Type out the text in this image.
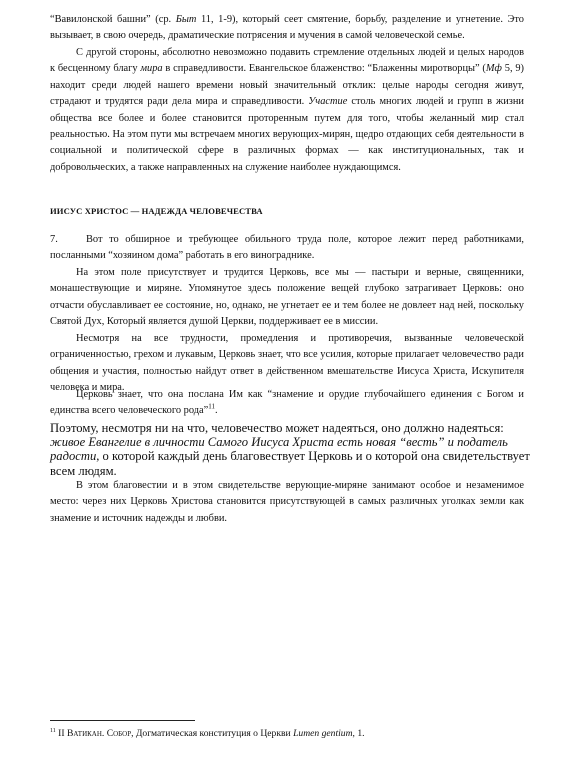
“Вавилонской башни” (ср. Быт 11, 1-9), который сеет смятение, борьбу, разделение и угнетение. Это вызывает, в свою очередь, драматические потрясения и мучения в самой человеческой семье.

С другой стороны, абсолютно невозможно подавить стремление отдельных людей и целых народов к бесценному благу мира в справедливости. Евангельское блаженство: “Блаженны миротворцы” (Мф 5, 9) находит среди людей нашего времени новый значительный отклик: целые народы сегодня живут, страдают и трудятся ради дела мира и справедливости. Участие столь многих людей и групп в жизни общества все более и более становится проторенным путем для того, чтобы желанный мир стал реальностью. На этом пути мы встречаем многих верующих-мирян, щедро отдающих себя деятельности в социальной и политической сфере в различных формах — как институциональных, так и добровольческих, а также направленных на служение наиболее нуждающимся.

ИИСУС ХРИСТОС — НАДЕЖДА ЧЕЛОВЕЧЕСТВА

7.	Вот то обширное и требующее обильного труда поле, которое лежит перед работниками, посланными “хозяином дома” работать в его винограднике.

На этом поле присутствует и трудится Церковь, все мы — пастыри и верные, священники, монашествующие и миряне. Упомянутое здесь положение вещей глубоко затрагивает Церковь: оно отчасти обуславливает ее состояние, но, однако, не угнетает ее и тем более не довлеет над ней, поскольку Святой Дух, Который является душой Церкви, поддерживает ее в миссии.

Несмотря на все трудности, промедления и противоречия, вызванные человеческой ограниченностью, грехом и лукавым, Церковь знает, что все усилия, которые прилагает человечество ради общения и участия, полностью найдут ответ в действенном вмешательстве Иисуса Христа, Искупителя человека и мира.

Церковь знает, что она послана Им как “знамение и орудие глубочайшего единения с Богом и единства всего человеческого рода”$^{11}$.

Поэтому, несмотря ни на что, человечество может надеяться, оно должно надеяться: живое Евангелие в личности Самого Иисуса Христа есть новая “весть” и податель радости, о которой каждый день благовествует Церковь и о которой она свидетельствует всем людям.

В этом благовестии и в этом свидетельстве верующие-миряне занимают особое и незаменимое место: через них Церковь Христова становится присутствующей в самых различных уголках земли как знамение и источник надежды и любви.

$^{11}$ II Ватикан. Собор, Догматическая конституция о Церкви Lumen gentium, 1.
